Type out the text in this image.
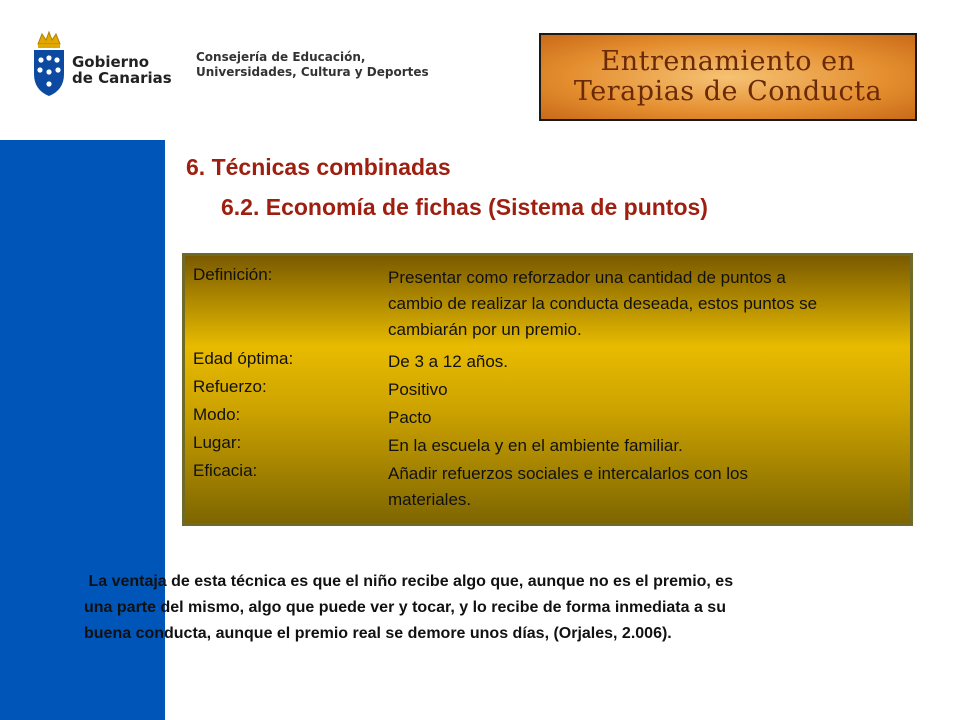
Gobierno
de Canarias
Consejería de Educación,
Universidades, Cultura y Deportes	Entrenamiento en
Terapias de Conducta
6. Técnicas combinadas
6.2. Economía de fichas (Sistema de puntos)
Definición:	Presentar como reforzador una cantidad de puntos a
cambio de realizar la conducta deseada, estos puntos se
cambiarán por un premio.
Edad óptima:	De 3 a 12 años.
Refuerzo:	Positivo
Modo:	Pacto
Lugar:	En la escuela y en el ambiente familiar.
Eficacia:	Añadir refuerzos sociales e intercalarlos con los
materiales.
La ventaja de esta técnica es que el niño recibe algo que, aunque no es el premio, es
una parte del mismo, algo que puede ver y tocar, y lo recibe de forma inmediata a su
buena conducta, aunque el premio real se demore unos días, (Orjales, 2.006).
